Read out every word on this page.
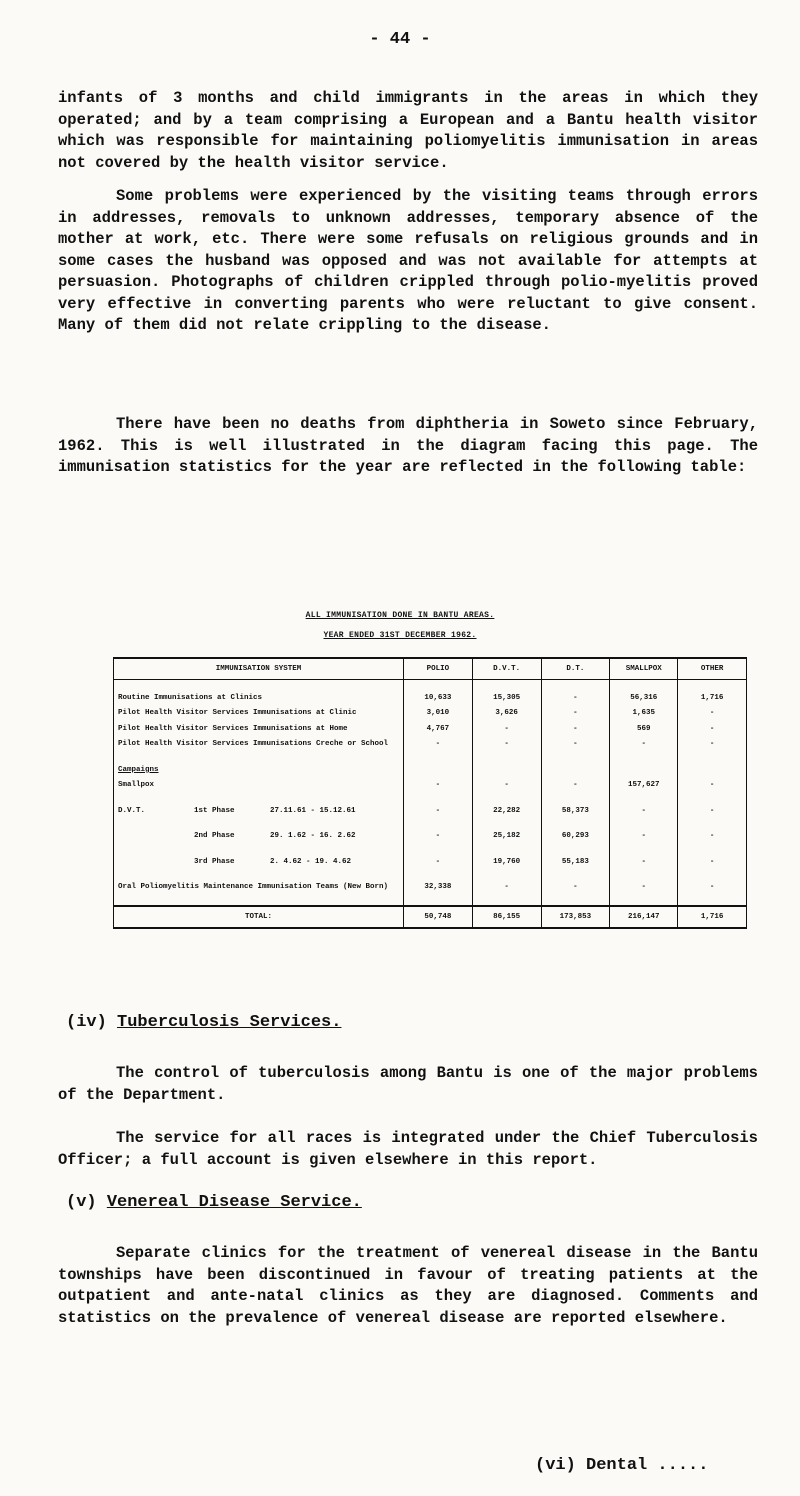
- 44 -

infants of 3 months and child immigrants in the areas in which they operated; and by a team comprising a European and a Bantu health visitor which was responsible for maintaining poliomyelitis immunisation in areas not covered by the health visitor service.

Some problems were experienced by the visiting teams through errors in addresses, removals to unknown addresses, temporary absence of the mother at work, etc. There were some refusals on religious grounds and in some cases the husband was opposed and was not available for attempts at persuasion. Photographs of children crippled through polio-myelitis proved very effective in converting parents who were reluctant to give consent. Many of them did not relate crippling to the disease.

There have been no deaths from diphtheria in Soweto since February, 1962. This is well illustrated in the diagram facing this page. The immunisation statistics for the year are reflected in the following table:

ALL IMMUNISATION DONE IN BANTU AREAS.
YEAR ENDED 31ST DECEMBER 1962.
IMMUNISATION SYSTEM	POLIO	D.V.T.	D.T.	SMALLPOX	OTHER

Routine Immunisations at Clinics	10,633	15,305	-	56,316	1,716
Pilot Health Visitor Services Immunisations at Clinic	3,010	3,626	-	1,635	-
Pilot Health Visitor Services Immunisations at Home	4,767	-	-	569	-
Pilot Health Visitor Services Immunisations Creche or School	-	-	-	-	-

Campaigns					
Smallpox	-	-	-	157,627	-

D.V.T. 1st Phase 27.11.61 - 15.12.61	-	22,282	58,373	-	-

2nd Phase 29. 1.62 - 16. 2.62	-	25,182	60,293	-	-

3rd Phase 2. 4.62 - 19. 4.62	-	19,760	55,183	-	-

Oral Poliomyelitis Maintenance Immunisation Teams (New Born)	32,338	-	-	-	-

TOTAL:	50,748	86,155	173,853	216,147	1,716
(iv) Tuberculosis Services.

The control of tuberculosis among Bantu is one of the major problems of the Department.

The service for all races is integrated under the Chief Tuberculosis Officer; a full account is given elsewhere in this report.

(v) Venereal Disease Service.

Separate clinics for the treatment of venereal disease in the Bantu townships have been discontinued in favour of treating patients at the outpatient and ante-natal clinics as they are diagnosed. Comments and statistics on the prevalence of venereal disease are reported elsewhere.

(vi) Dental .....
